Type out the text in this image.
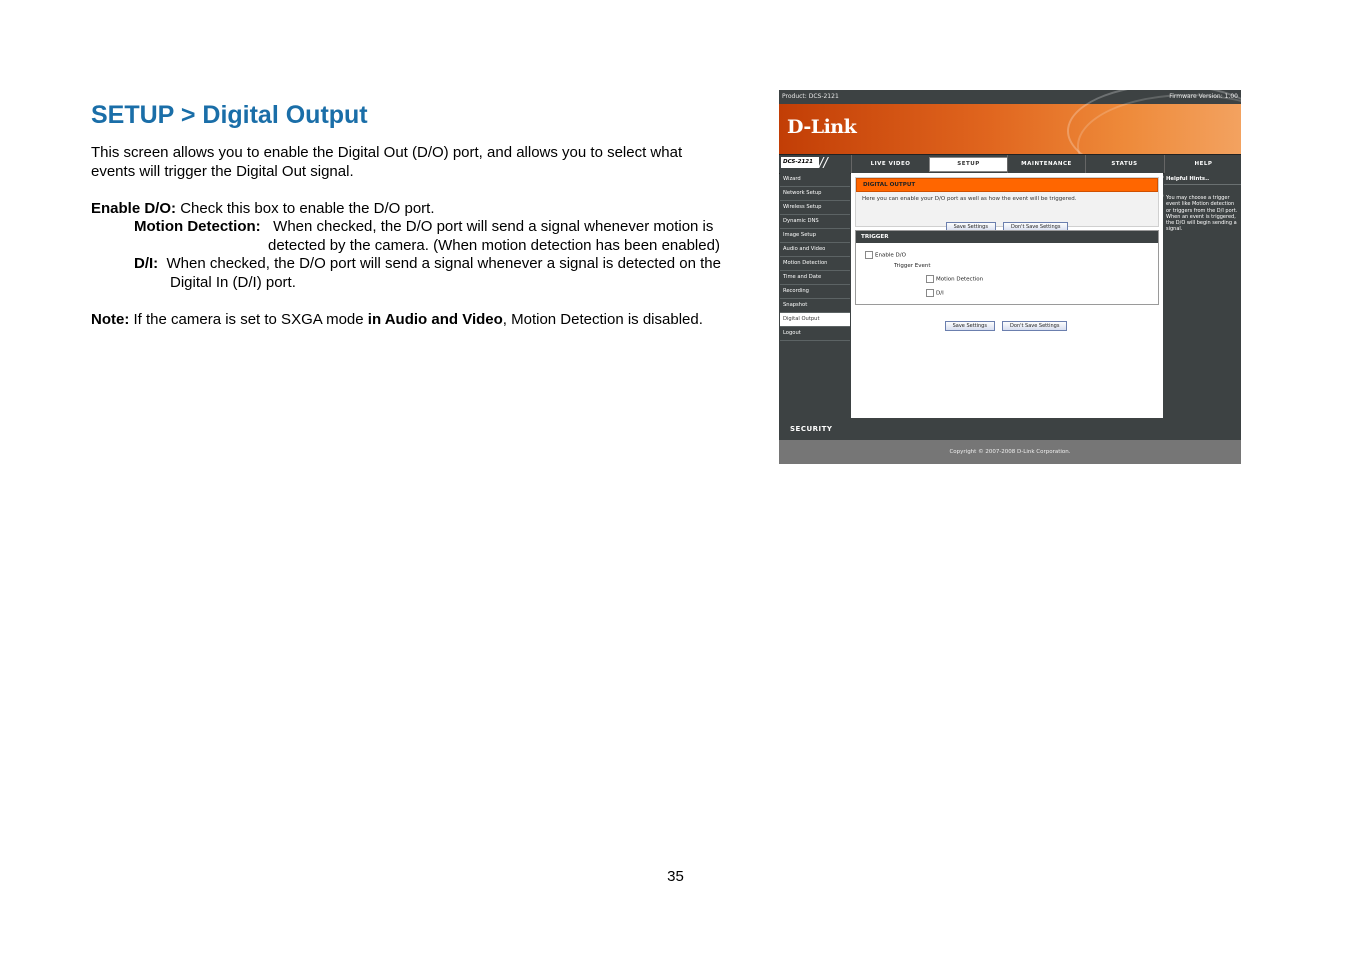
SETUP > Digital Output

This screen allows you to enable the Digital Out (D/O) port, and allows you to select what

events will trigger the Digital Out signal.

Enable D/O: Check this box to enable the D/O port.

Motion Detection: When checked, the D/O port will send a signal whenever motion is

detected by the camera. (When motion detection has been enabled)

D/I: When checked, the D/O port will send a signal whenever a signal is detected on the

Digital In (D/I) port.

Note: If the camera is set to SXGA mode in Audio and Video, Motion Detection is disabled.

Product: DCS-2121	Firmware Version: 1.00
D-Link
DCS-2121 //	LIVE VIDEO	SETUP	MAINTENANCE	STATUS	HELP
Wizard
Network Setup
Wireless Setup
Dynamic DNS
Image Setup
Audio and Video
Motion Detection
Time and Date
Recording
Snapshot
Digital Output
Logout
DIGITAL OUTPUT
Here you can enable your D/O port as well as how the event will be triggered.
Save Settings	Don't Save Settings
TRIGGER
Enable D/O
Trigger Event
Motion Detection
D/I
Save Settings	Don't Save Settings
Helpful Hints..
You may choose a trigger event like Motion detection or triggers from the D/I port. When an event is triggered, the D/O will begin sending a signal.
SECURITY
Copyright © 2007-2008 D-Link Corporation.
35
